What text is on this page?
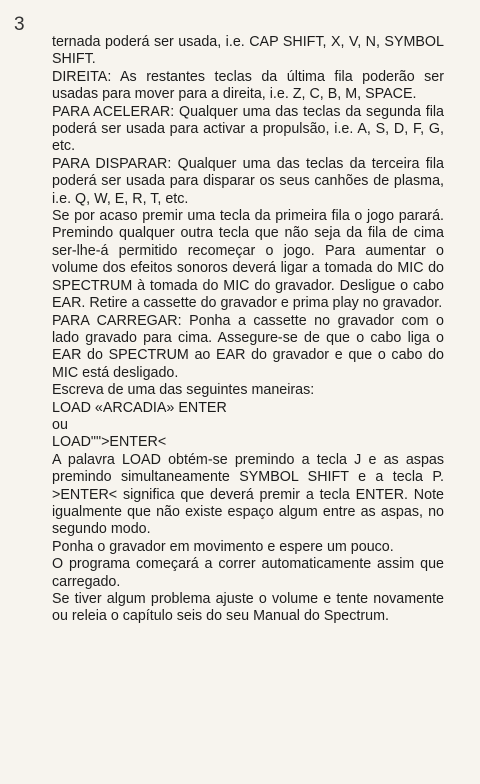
3

ternada poderá ser usada, i.e. CAP SHIFT, X, V, N, SYMBOL SHIFT.

DIREITA: As restantes teclas da última fila poderão ser usadas para mover para a direita, i.e. Z, C, B, M, SPACE.

PARA ACELERAR: Qualquer uma das teclas da segunda fila poderá ser usada para activar a propulsão, i.e. A, S, D, F, G, etc.

PARA DISPARAR: Qualquer uma das teclas da terceira fila poderá ser usada para disparar os seus canhões de plasma, i.e. Q, W, E, R, T, etc.

Se por acaso premir uma tecla da primeira fila o jogo parará. Premindo qualquer outra tecla que não seja da fila de cima ser-lhe-á permitido recomeçar o jogo. Para aumentar o volume dos efeitos sonoros deverá ligar a tomada do MIC do SPECTRUM à tomada do MIC do gravador. Desligue o cabo EAR. Retire a cassette do gravador e prima play no gravador.

PARA CARREGAR: Ponha a cassette no gravador com o lado gravado para cima. Assegure-se de que o cabo liga o EAR do SPECTRUM ao EAR do gravador e que o cabo do MIC está desligado.

Escreva de uma das seguintes maneiras:

LOAD «ARCADIA» ENTER

ou

LOAD"">ENTER<

A palavra LOAD obtém-se premindo a tecla J e as aspas premindo simultaneamente SYMBOL SHIFT e a tecla P. >ENTER< significa que deverá premir a tecla ENTER. Note igualmente que não existe espaço algum entre as aspas, no segundo modo.

Ponha o gravador em movimento e espere um pouco.

O programa começará a correr automaticamente assim que carregado.

Se tiver algum problema ajuste o volume e tente novamente ou releia o capítulo seis do seu Manual do Spectrum.
